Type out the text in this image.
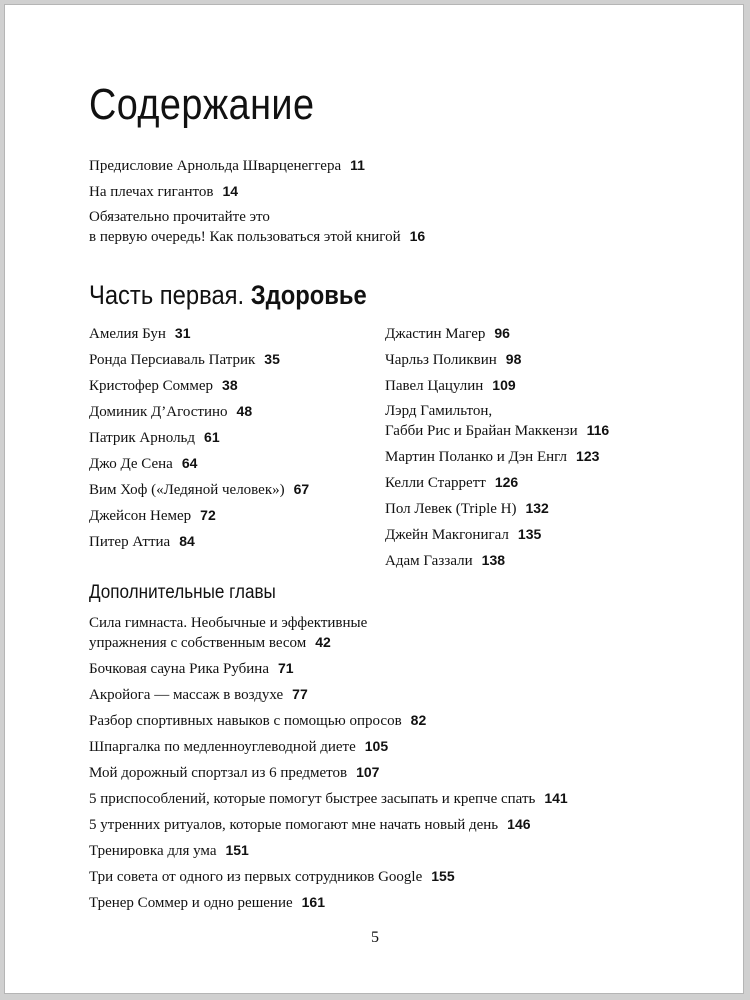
Содержание
Предисловие Арнольда Шварценеггера 11
На плечах гигантов 14
Обязательно прочитайте это
в первую очередь! Как пользоваться этой книгой 16
Часть первая. Здоровье
Амелия Бун 31
Ронда Персиаваль Патрик 35
Кристофер Соммер 38
Доминик Д’Агостино 48
Патрик Арнольд 61
Джо Де Сена 64
Вим Хоф («Ледяной человек») 67
Джейсон Немер 72
Питер Аттиа 84
Джастин Магер 96
Чарльз Поликвин 98
Павел Цацулин 109
Лэрд Гамильтон,
Габби Рис и Брайан Маккензи 116
Мартин Поланко и Дэн Енгл 123
Келли Старретт 126
Пол Левек (Triple H) 132
Джейн Макгонигал 135
Адам Газзали 138
Дополнительные главы
Сила гимнаста. Необычные и эффективные
упражнения с собственным весом 42
Бочковая сауна Рика Рубина 71
Акройога — массаж в воздухе 77
Разбор спортивных навыков с помощью опросов 82
Шпаргалка по медленноуглеводной диете 105
Мой дорожный спортзал из 6 предметов 107
5 приспособлений, которые помогут быстрее засыпать и крепче спать 141
5 утренних ритуалов, которые помогают мне начать новый день 146
Тренировка для ума 151
Три совета от одного из первых сотрудников Google 155
Тренер Соммер и одно решение 161
5
